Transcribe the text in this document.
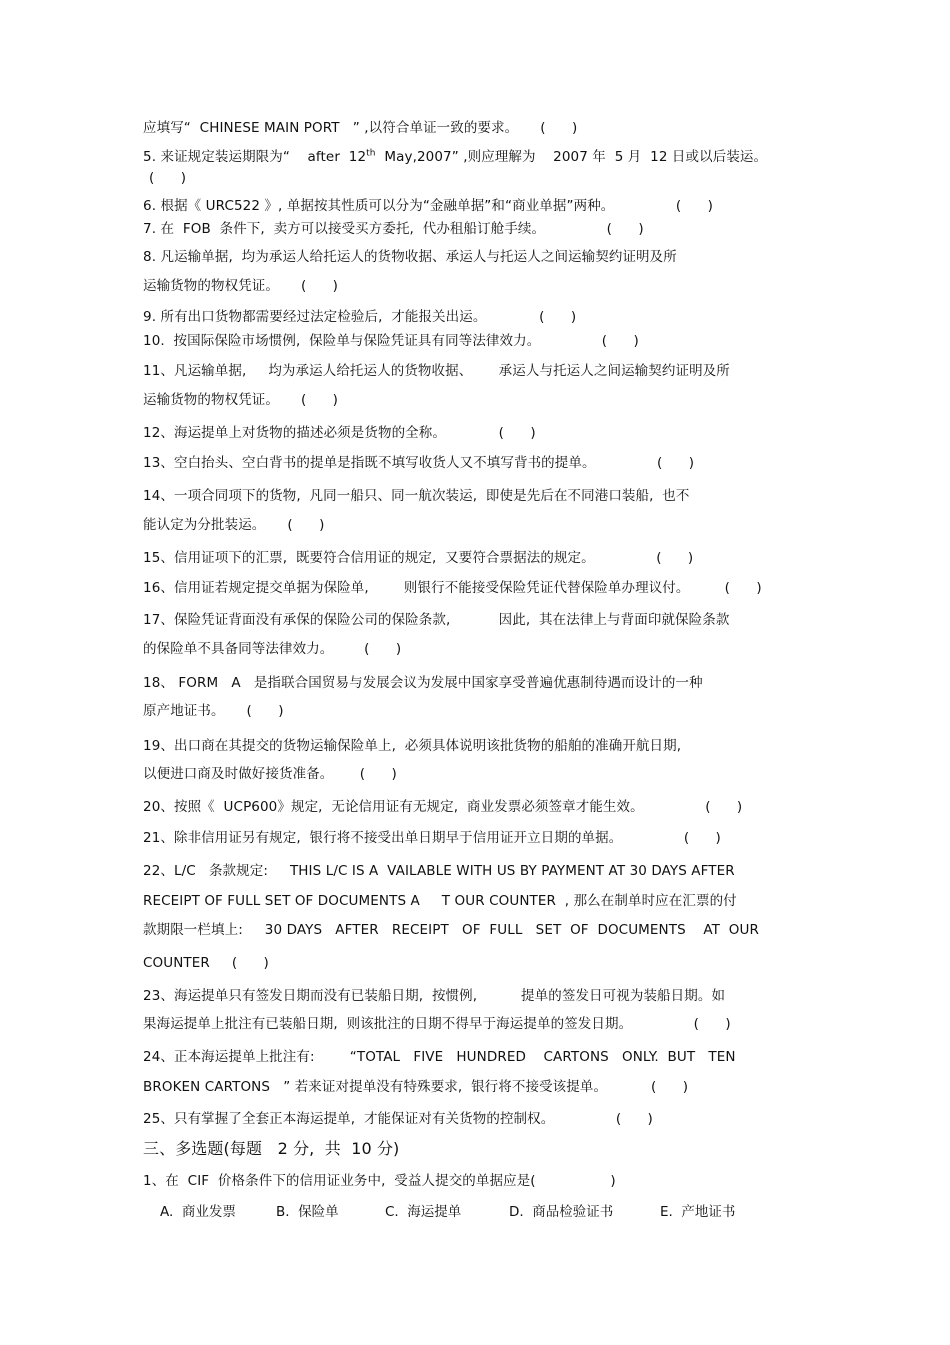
应填写“  CHINESE MAIN PORT   ” ,以符合单证一致的要求。     (      )
5. 来证规定装运期限为“    after  12th  May,2007” ,则应理解为    2007 年  5 月  12 日或以后装运。
(      )
6. 根据《 URC522 》, 单据按其性质可以分为“金融单据”和“商业单据”两种。              (      )
7. 在  FOB  条件下,  卖方可以接受买方委托,  代办租船订舱手续。              (      )
8. 凡运输单据,  均为承运人给托运人的货物收据、承运人与托运人之间运输契约证明及所
运输货物的物权凭证。     (      )
9. 所有出口货物都需要经过法定检验后,  才能报关出运。            (      )
10.  按国际保险市场惯例,  保险单与保险凭证具有同等法律效力。              (      )
11、凡运输单据,     均为承运人给托运人的货物收据、      承运人与托运人之间运输契约证明及所
运输货物的物权凭证。     (      )
12、海运提单上对货物的描述必须是货物的全称。            (      )
13、空白抬头、空白背书的提单是指既不填写收货人又不填写背书的提单。              (      )
14、一项合同项下的货物,  凡同一船只、同一航次装运,  即使是先后在不同港口装船,  也不
能认定为分批装运。     (      )
15、信用证项下的汇票,  既要符合信用证的规定,  又要符合票据法的规定。              (      )
16、信用证若规定提交单据为保险单,        则银行不能接受保险凭证代替保险单办理议付。        (      )
17、保险凭证背面没有承保的保险公司的保险条款,           因此,  其在法律上与背面印就保险条款
的保险单不具备同等法律效力。       (      )
18、 FORM   A   是指联合国贸易与发展会议为发展中国家享受普遍优惠制待遇而设计的一种
原产地证书。     (      )
19、出口商在其提交的货物运输保险单上,  必须具体说明该批货物的船舶的准确开航日期,
以便进口商及时做好接货准备。      (      )
20、按照《  UCP600》规定,  无论信用证有无规定,  商业发票必须签章才能生效。              (      )
21、除非信用证另有规定,  银行将不接受出单日期早于信用证开立日期的单据。              (      )
22、L/C   条款规定:     THIS L/C IS A  VAILABLE WITH US BY PAYMENT AT 30 DAYS AFTER
RECEIPT OF FULL SET OF DOCUMENTS A     T OUR COUNTER  , 那么在制单时应在汇票的付
款期限一栏填上:     30 DAYS   AFTER   RECEIPT   OF  FULL   SET  OF  DOCUMENTS    AT  OUR
COUNTER     (      )
23、海运提单只有签发日期而没有已装船日期,  按惯例,          提单的签发日可视为装船日期。如
果海运提单上批注有已装船日期,  则该批注的日期不得早于海运提单的签发日期。              (      )
24、正本海运提单上批注有:        “TOTAL   FIVE   HUNDRED    CARTONS   ONLY.  BUT   TEN
BROKEN CARTONS   ” 若来证对提单没有特殊要求,  银行将不接受该提单。          (      )
25、只有掌握了全套正本海运提单,  才能保证对有关货物的控制权。              (      )
三、多选题(每题   2 分,  共  10 分)
1、在  CIF  价格条件下的信用证业务中,  受益人提交的单据应是(                 )
A.  商业发票	B.  保险单	C.  海运提单	D.  商品检验证书	E.  产地证书
